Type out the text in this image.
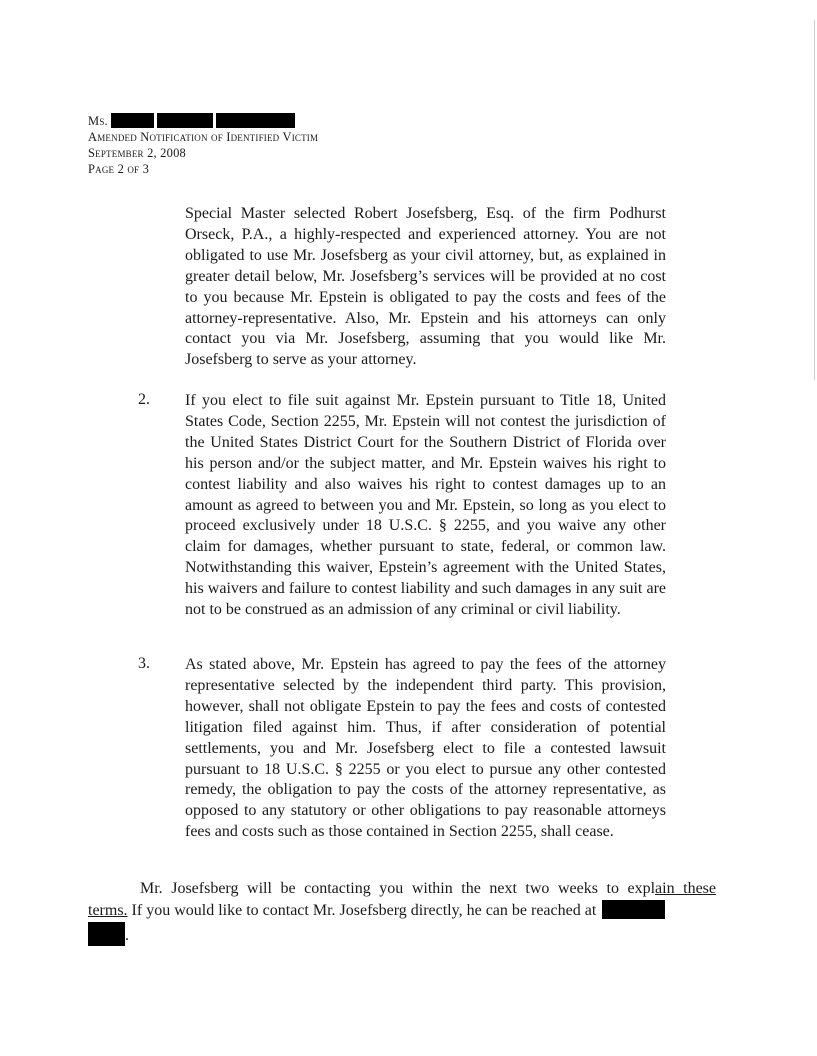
Ms.
Amended Notification of Identified Victim
September 2, 2008
Page 2 of 3
Special Master selected Robert Josefsberg, Esq. of the firm Podhurst Orseck, P.A., a highly-respected and experienced attorney. You are not obligated to use Mr. Josefsberg as your civil attorney, but, as explained in greater detail below, Mr. Josefsberg’s services will be provided at no cost to you because Mr. Epstein is obligated to pay the costs and fees of the attorney-representative. Also, Mr. Epstein and his attorneys can only contact you via Mr. Josefsberg, assuming that you would like Mr. Josefsberg to serve as your attorney.
2. If you elect to file suit against Mr. Epstein pursuant to Title 18, United States Code, Section 2255, Mr. Epstein will not contest the jurisdiction of the United States District Court for the Southern District of Florida over his person and/or the subject matter, and Mr. Epstein waives his right to contest liability and also waives his right to contest damages up to an amount as agreed to between you and Mr. Epstein, so long as you elect to proceed exclusively under 18 U.S.C. § 2255, and you waive any other claim for damages, whether pursuant to state, federal, or common law. Notwithstanding this waiver, Epstein’s agreement with the United States, his waivers and failure to contest liability and such damages in any suit are not to be construed as an admission of any criminal or civil liability.
3. As stated above, Mr. Epstein has agreed to pay the fees of the attorney representative selected by the independent third party. This provision, however, shall not obligate Epstein to pay the fees and costs of contested litigation filed against him. Thus, if after consideration of potential settlements, you and Mr. Josefsberg elect to file a contested lawsuit pursuant to 18 U.S.C. § 2255 or you elect to pursue any other contested remedy, the obligation to pay the costs of the attorney representative, as opposed to any statutory or other obligations to pay reasonable attorneys fees and costs such as those contained in Section 2255, shall cease.

Mr. Josefsberg will be contacting you within the next two weeks to explain these

terms. If you would like to contact Mr. Josefsberg directly, he can be reached at

.
